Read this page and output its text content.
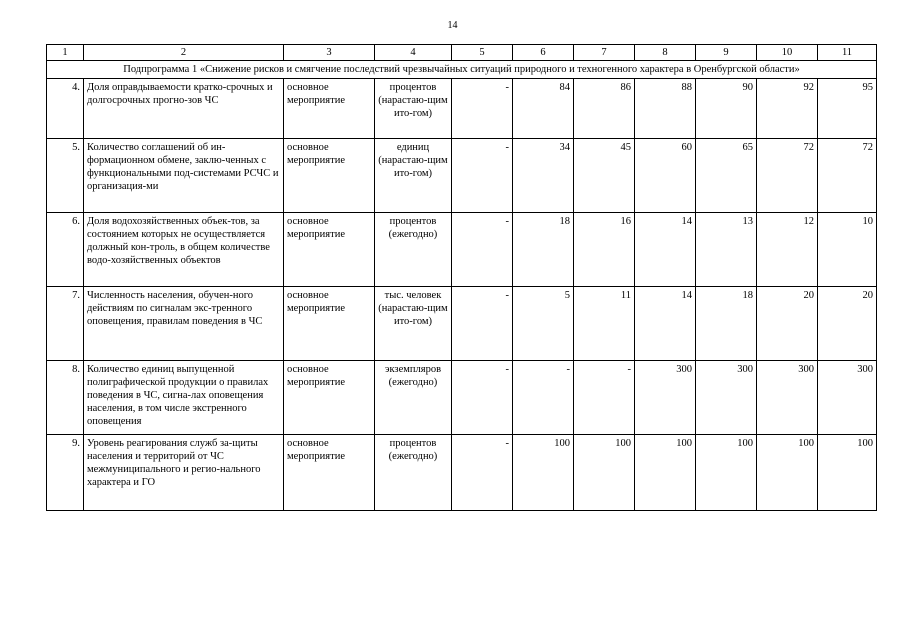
14
1	2	3	4	5	6	7	8	9	10	11
Подпрограмма 1 «Снижение рисков и смягчение последствий чрезвычайных ситуаций природного и техногенного характера в Оренбургской области»										
4.	Доля оправдываемости кратко-срочных и долгосрочных прогно-зов ЧС	основное мероприятие	процентов (нарастаю-щим ито-гом)	-	84	86	88	90	92	95
5.	Количество соглашений об ин-формационном обмене, заклю-ченных с функциональными под-системами РСЧС и организация-ми	основное мероприятие	единиц (нарастаю-щим ито-гом)	-	34	45	60	65	72	72
6.	Доля водохозяйственных объек-тов, за состоянием которых не осуществляется должный кон-троль, в общем количестве водо-хозяйственных объектов	основное мероприятие	процентов (ежегодно)	-	18	16	14	13	12	10
7.	Численность населения, обучен-ного действиям по сигналам экс-тренного оповещения, правилам поведения в ЧС	основное мероприятие	тыс. человек (нарастаю-щим ито-гом)	-	5	11	14	18	20	20
8.	Количество единиц выпущенной полиграфической продукции о правилах поведения в ЧС, сигна-лах оповещения населения, в том числе экстренного оповещения	основное мероприятие	экземпляров (ежегодно)	-	-	-	300	300	300	300
9.	Уровень реагирования служб за-щиты населения и территорий от ЧС межмуниципального и регио-нального характера и ГО	основное мероприятие	процентов (ежегодно)	-	100	100	100	100	100	100
